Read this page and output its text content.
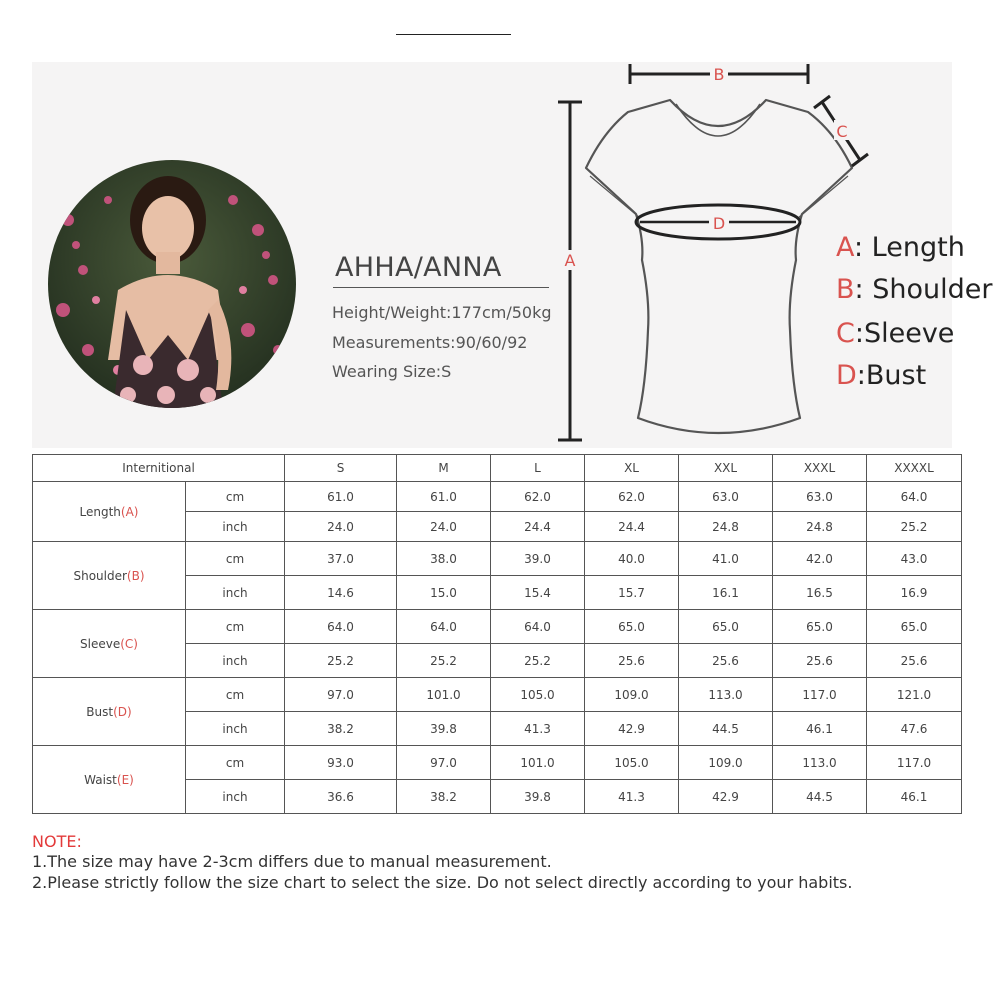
AHHA/ANNA
Height/Weight:177cm/50kg
Measurements:90/60/92
Wearing Size:S
A
B
C
D
A: Length
B: Shoulder
C:Sleeve
D:Bust
Internitional		S	M	L	XL	XXL	XXXL	XXXXL
Length(A)	cm	61.0	61.0	62.0	62.0	63.0	63.0	64.0
	inch	24.0	24.0	24.4	24.4	24.8	24.8	25.2
Shoulder(B)	cm	37.0	38.0	39.0	40.0	41.0	42.0	43.0
	inch	14.6	15.0	15.4	15.7	16.1	16.5	16.9
Sleeve(C)	cm	64.0	64.0	64.0	65.0	65.0	65.0	65.0
	inch	25.2	25.2	25.2	25.6	25.6	25.6	25.6
Bust(D)	cm	97.0	101.0	105.0	109.0	113.0	117.0	121.0
	inch	38.2	39.8	41.3	42.9	44.5	46.1	47.6
Waist(E)	cm	93.0	97.0	101.0	105.0	109.0	113.0	117.0
	inch	36.6	38.2	39.8	41.3	42.9	44.5	46.1
NOTE:
1.The size may have 2-3cm differs due to manual measurement.
2.Please strictly follow the size chart to select the size. Do not select directly according to your habits.
